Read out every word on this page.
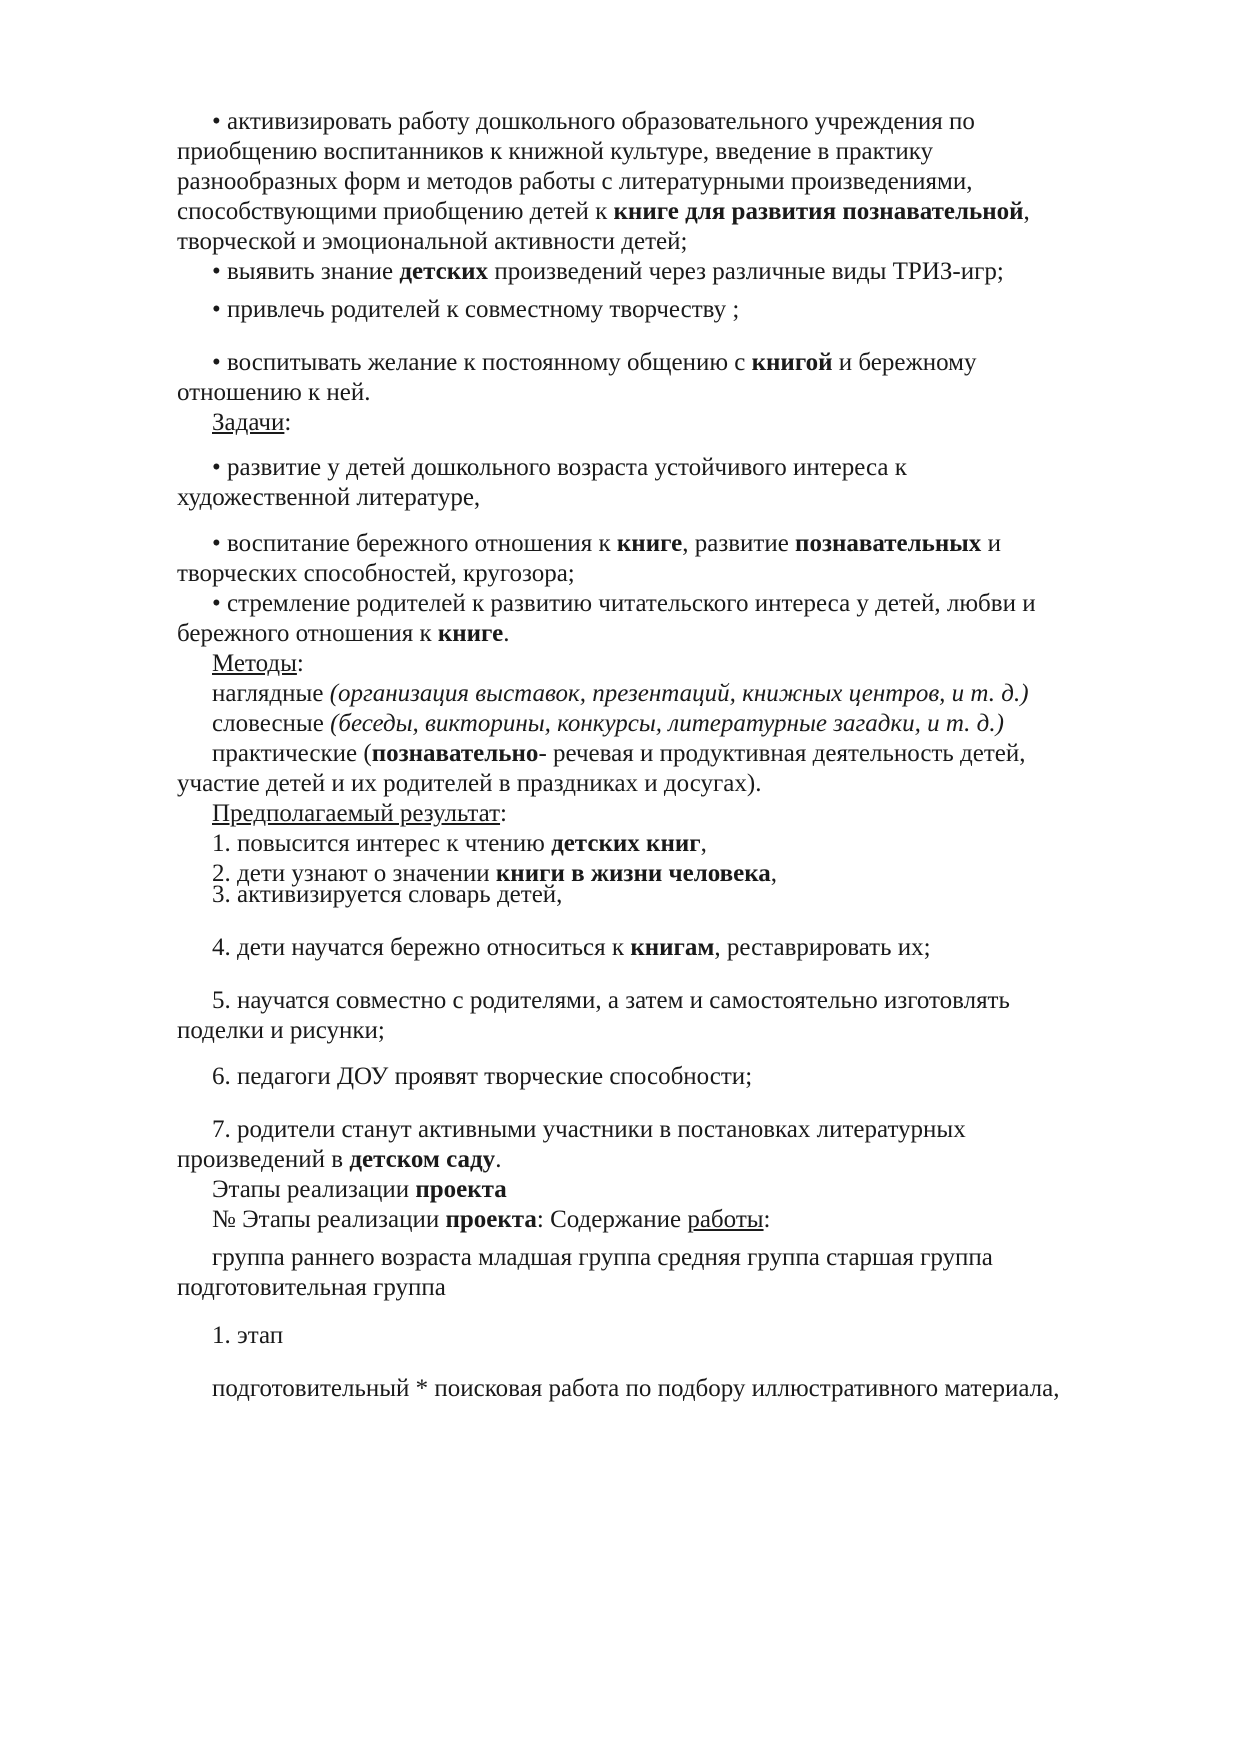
• активизировать работу дошкольного образовательного учреждения по
приобщению воспитанников к книжной культуре, введение в практику
разнообразных форм и методов работы с литературными произведениями,
способствующими приобщению детей к книге для развития познавательной,
творческой и эмоциональной активности детей;
• выявить знание детских произведений через различные виды ТРИЗ-игр;
• привлечь родителей к совместному творчеству ;
• воспитывать желание к постоянному общению с книгой и бережному
отношению к ней.
Задачи:
• развитие у детей дошкольного возраста устойчивого интереса к
художественной литературе,
• воспитание бережного отношения к книге, развитие познавательных и
творческих способностей, кругозора;
• стремление родителей к развитию читательского интереса у детей, любви и
бережного отношения к книге.
Методы:
наглядные (организация выставок, презентаций, книжных центров, и т. д.)
словесные (беседы, викторины, конкурсы, литературные загадки, и т. д.)
практические (познавательно- речевая и продуктивная деятельность детей,
участие детей и их родителей в праздниках и досугах).
Предполагаемый результат:
1. повысится интерес к чтению детских книг,
2. дети узнают о значении книги в жизни человека,
3. активизируется словарь детей,
4. дети научатся бережно относиться к книгам, реставрировать их;
5. научатся совместно с родителями, а затем и самостоятельно изготовлять
поделки и рисунки;
6. педагоги ДОУ проявят творческие способности;
7. родители станут активными участники в постановках литературных
произведений в детском саду.
Этапы реализации проекта
№ Этапы реализации проекта: Содержание работы:
группа раннего возраста младшая группа средняя группа старшая группа
подготовительная группа
1. этап
подготовительный * поисковая работа по подбору иллюстративного материала,
